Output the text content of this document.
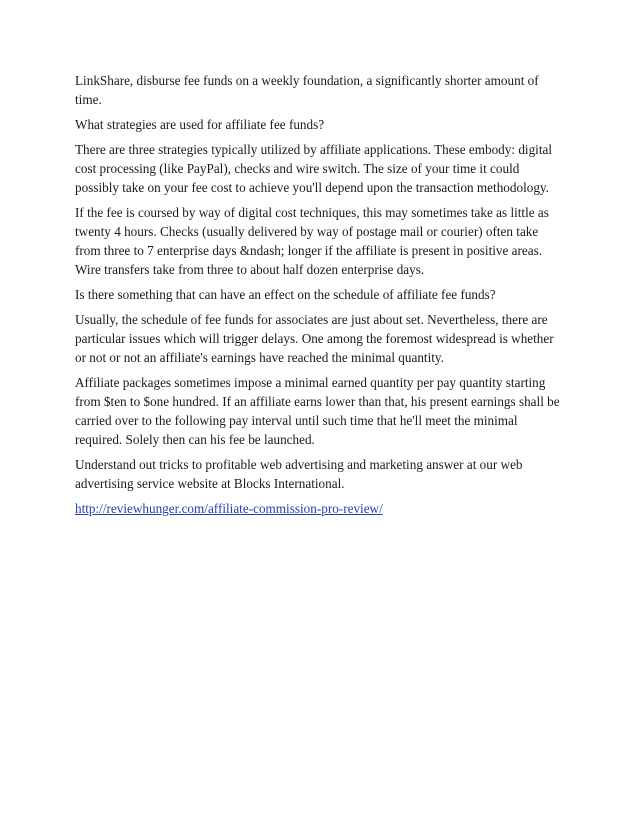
LinkShare, disburse fee funds on a weekly foundation, a significantly shorter amount of time.

What strategies are used for affiliate fee funds?

There are three strategies typically utilized by affiliate applications. These embody: digital cost processing (like PayPal), checks and wire switch. The size of your time it could possibly take on your fee cost to achieve you'll depend upon the transaction methodology.

If the fee is coursed by way of digital cost techniques, this may sometimes take as little as twenty 4 hours. Checks (usually delivered by way of postage mail or courier) often take from three to 7 enterprise days &ndash; longer if the affiliate is present in positive areas. Wire transfers take from three to about half dozen enterprise days.

Is there something that can have an effect on the schedule of affiliate fee funds?

Usually, the schedule of fee funds for associates are just about set. Nevertheless, there are particular issues which will trigger delays. One among the foremost widespread is whether or not or not an affiliate's earnings have reached the minimal quantity.

Affiliate packages sometimes impose a minimal earned quantity per pay quantity starting from $ten to $one hundred. If an affiliate earns lower than that, his present earnings shall be carried over to the following pay interval until such time that he'll meet the minimal required. Solely then can his fee be launched.

Understand out tricks to profitable web advertising and marketing answer at our web advertising service website at Blocks International.

http://reviewhunger.com/affiliate-commission-pro-review/
